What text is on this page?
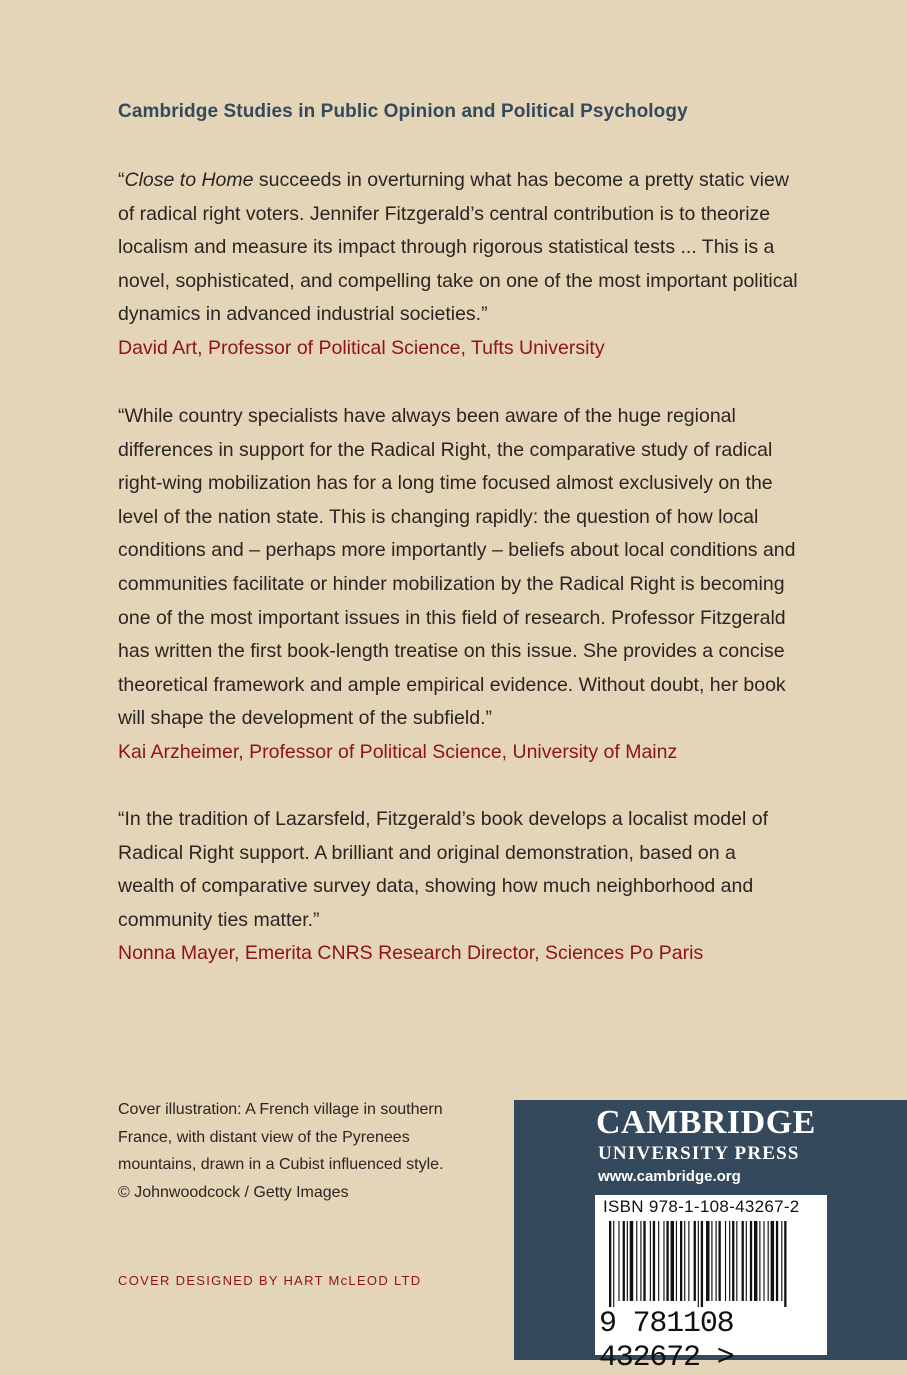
Cambridge Studies in Public Opinion and Political Psychology

“Close to Home succeeds in overturning what has become a pretty static view of radical right voters. Jennifer Fitzgerald’s central contribution is to theorize localism and measure its impact through rigorous statistical tests ... This is a novel, sophisticated, and compelling take on one of the most important political dynamics in advanced industrial societies.”

David Art, Professor of Political Science, Tufts University

“While country specialists have always been aware of the huge regional differences in support for the Radical Right, the comparative study of radical right-wing mobilization has for a long time focused almost exclusively on the level of the nation state. This is changing rapidly: the question of how local conditions and – perhaps more importantly – beliefs about local conditions and communities facilitate or hinder mobilization by the Radical Right is becoming one of the most important issues in this field of research. Professor Fitzgerald has written the first book-length treatise on this issue. She provides a concise theoretical framework and ample empirical evidence. Without doubt, her book will shape the development of the subfield.”

Kai Arzheimer, Professor of Political Science, University of Mainz

“In the tradition of Lazarsfeld, Fitzgerald’s book develops a localist model of Radical Right support. A brilliant and original demonstration, based on a wealth of comparative survey data, showing how much neighborhood and community ties matter.”

Nonna Mayer, Emerita CNRS Research Director, Sciences Po Paris

Cover illustration: A French village in southern France, with distant view of the Pyrenees mountains, drawn in a Cubist influenced style. © Johnwoodcock / Getty Images
COVER DESIGNED BY HART McLEOD LTD
CAMBRIDGE
UNIVERSITY PRESS
www.cambridge.org
ISBN 978-1-108-43267-2
9 781108 432672 >
